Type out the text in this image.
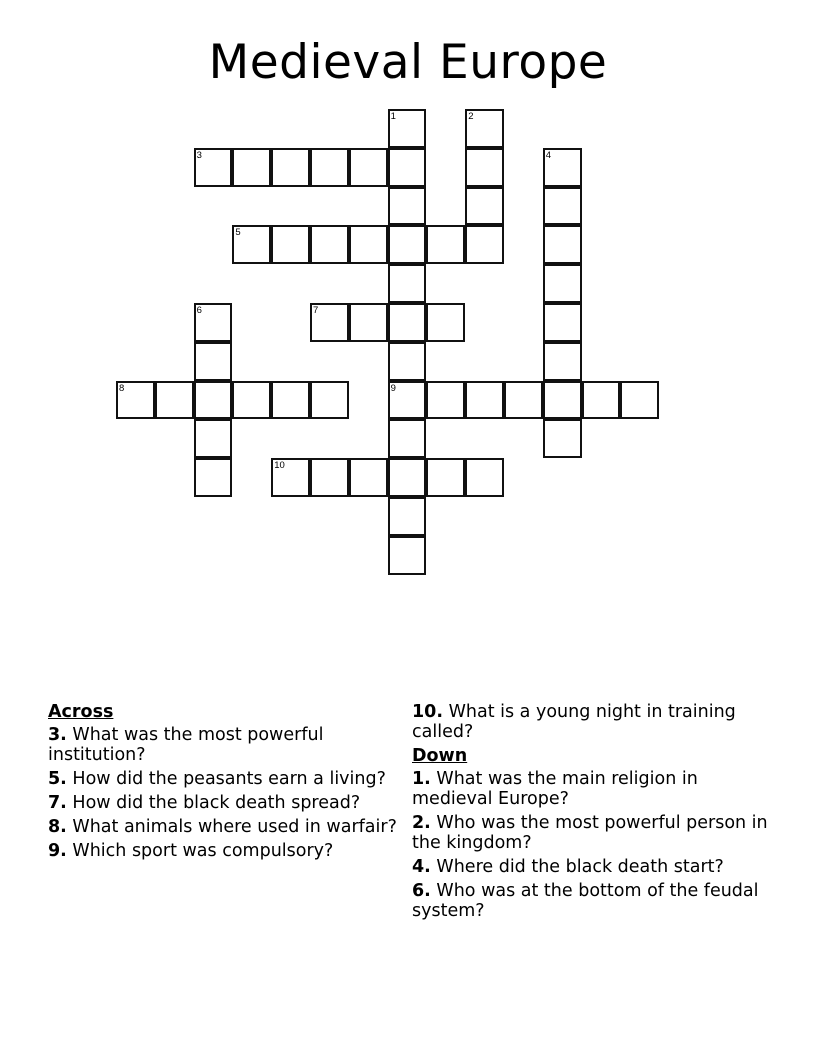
Medieval Europe
1
9
2
3	4
5
6	7
8
10
Across
3. What was the most powerful institution?
5. How did the peasants earn a living?
7. How did the black death spread?
8. What animals where used in warfair?
9. Which sport was compulsory?
10. What is a young night in training called?
Down
1. What was the main religion in medieval Europe?
2. Who was the most powerful person in the kingdom?
4. Where did the black death start?
6. Who was at the bottom of the feudal system?
